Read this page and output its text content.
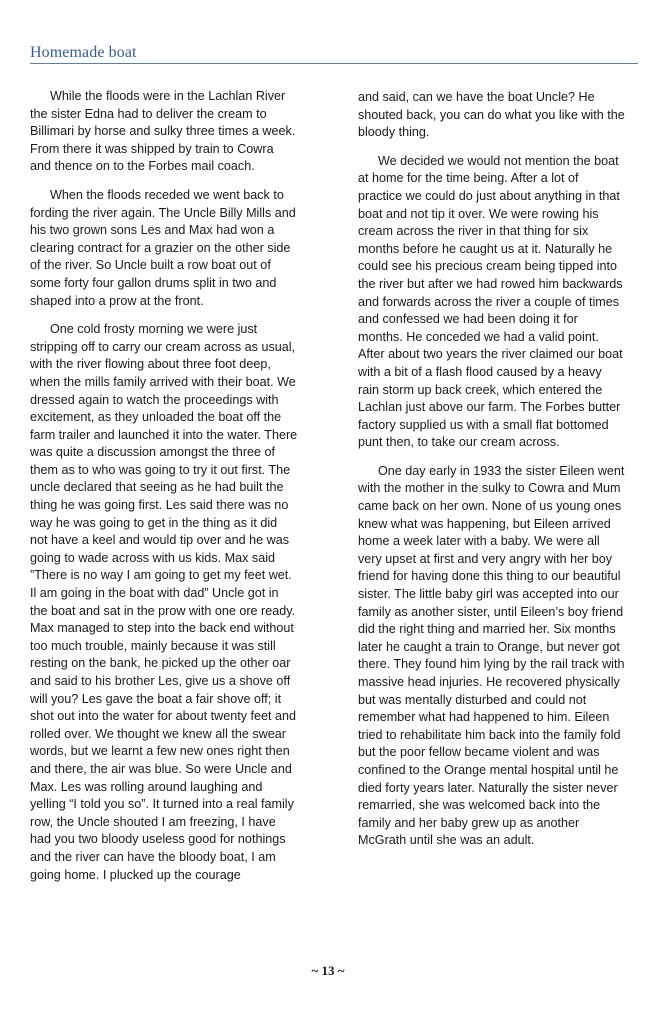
Homemade boat

While the floods were in the Lachlan River the sister Edna had to deliver the cream to Billimari by horse and sulky three times a week. From there it was shipped by train to Cowra and thence on to the Forbes mail coach.

When the floods receded we went back to fording the river again. The Uncle Billy Mills and his two grown sons Les and Max had won a clearing contract for a grazier on the other side of the river. So Uncle built a row boat out of some forty four gallon drums split in two and shaped into a prow at the front.

One cold frosty morning we were just stripping off to carry our cream across as usual, with the river flowing about three foot deep, when the mills family arrived with their boat. We dressed again to watch the proceedings with excitement, as they unloaded the boat off the farm trailer and launched it into the water. There was quite a discussion amongst the three of them as to who was going to try it out first. The uncle declared that seeing as he had built the thing he was going first. Les said there was no way he was going to get in the thing as it did not have a keel and would tip over and he was going to wade across with us kids. Max said ”There is no way I am going to get my feet wet. Il am going in the boat with dad” Uncle got in the boat and sat in the prow with one ore ready. Max managed to step into the back end without too much trouble, mainly because it was still resting on the bank, he picked up the other oar and said to his brother Les, give us a shove off will you? Les gave the boat a fair shove off; it shot out into the water for about twenty feet and rolled over. We thought we knew all the swear words, but we learnt a few new ones right then and there, the air was blue. So were Uncle and Max. Les was rolling around laughing and yelling “I told you so”. It turned into a real family row, the Uncle shouted I am freezing, I have had you two bloody useless good for nothings and the river can have the bloody boat, I am going home. I plucked up the courage

and said, can we have the boat Uncle? He shouted back, you can do what you like with the bloody thing.

We decided we would not mention the boat at home for the time being. After a lot of practice we could do just about anything in that boat and not tip it over. We were rowing his cream across the river in that thing for six months before he caught us at it. Naturally he could see his precious cream being tipped into the river but after we had rowed him backwards and forwards across the river a couple of times and confessed we had been doing it for months. He conceded we had a valid point. After about two years the river claimed our boat with a bit of a flash flood caused by a heavy rain storm up back creek, which entered the Lachlan just above our farm. The Forbes butter factory supplied us with a small flat bottomed punt then, to take our cream across.

One day early in 1933 the sister Eileen went with the mother in the sulky to Cowra and Mum came back on her own. None of us young ones knew what was happening, but Eileen arrived home a week later with a baby. We were all very upset at first and very angry with her boy friend for having done this thing to our beautiful sister. The little baby girl was accepted into our family as another sister, until Eileen’s boy friend did the right thing and married her. Six months later he caught a train to Orange, but never got there. They found him lying by the rail track with massive head injuries. He recovered physically but was mentally disturbed and could not remember what had happened to him. Eileen tried to rehabilitate him back into the family fold but the poor fellow became violent and was confined to the Orange mental hospital until he died forty years later. Naturally the sister never remarried, she was welcomed back into the family and her baby grew up as another McGrath until she was an adult.

~ 13 ~
